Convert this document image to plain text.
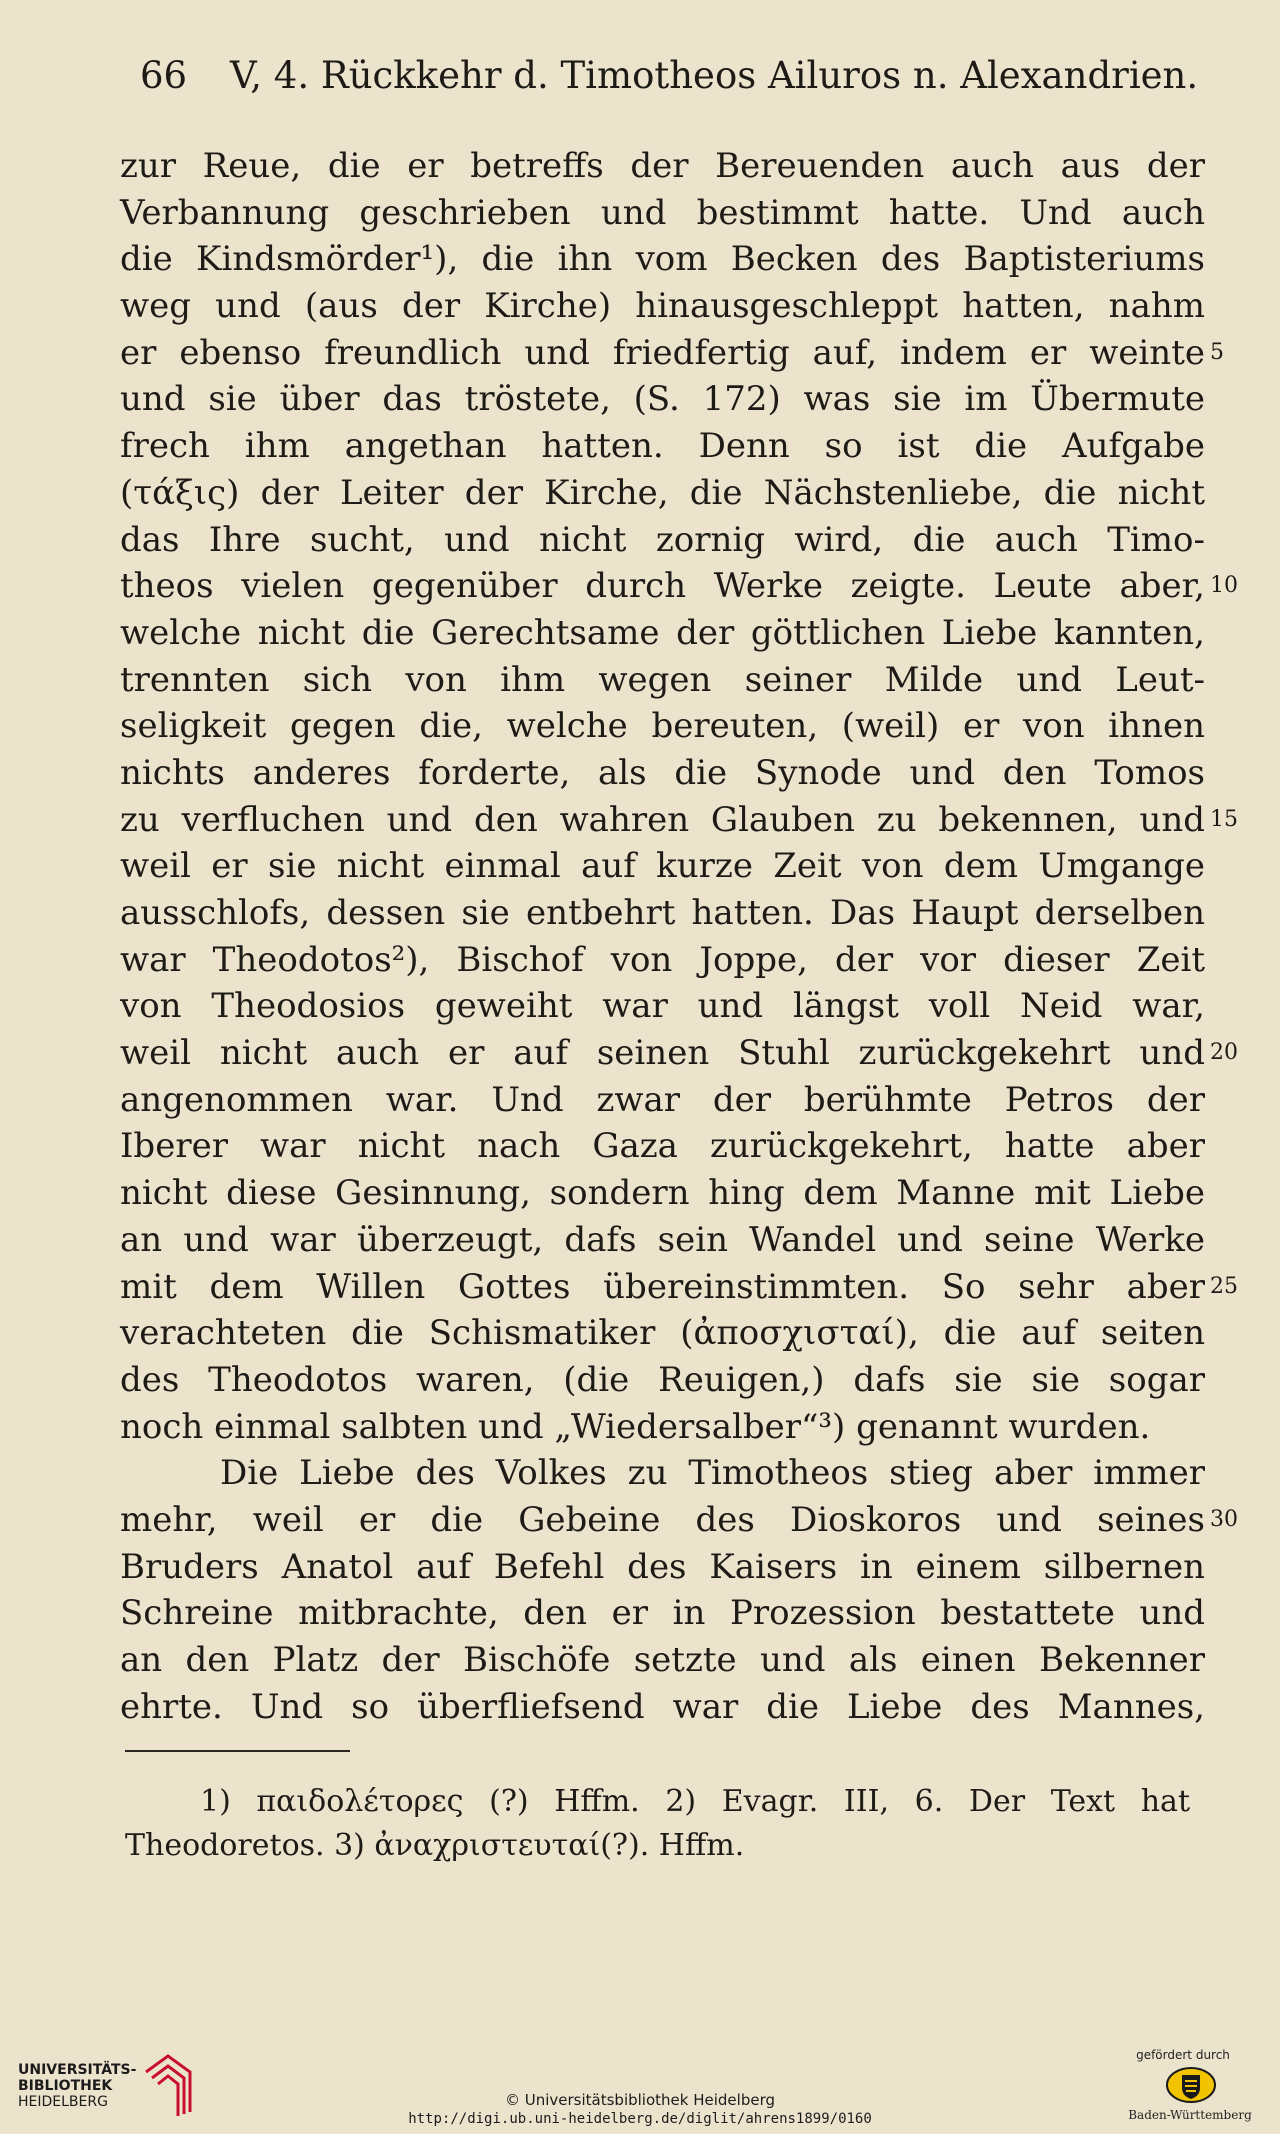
66 V, 4. Rückkehr d. Timotheos Ailuros n. Alexandrien.
zur Reue, die er betreffs der Bereuenden auch aus der
Verbannung geschrieben und bestimmt hatte. Und auch
die Kindsmörder¹), die ihn vom Becken des Baptisteriums
weg und (aus der Kirche) hinausgeschleppt hatten, nahm
er ebenso freundlich und friedfertig auf, indem er weinte 5
und sie über das tröstete, (S. 172) was sie im Übermute
frech ihm angethan hatten. Denn so ist die Aufgabe
(τάξις) der Leiter der Kirche, die Nächstenliebe, die nicht
das Ihre sucht, und nicht zornig wird, die auch Timo-
theos vielen gegenüber durch Werke zeigte. Leute aber, 10
welche nicht die Gerechtsame der göttlichen Liebe kannten,
trennten sich von ihm wegen seiner Milde und Leut-
seligkeit gegen die, welche bereuten, (weil) er von ihnen
nichts anderes forderte, als die Synode und den Tomos
zu verfluchen und den wahren Glauben zu bekennen, und 15
weil er sie nicht einmal auf kurze Zeit von dem Umgange
ausschlofs, dessen sie entbehrt hatten. Das Haupt derselben
war Theodotos²), Bischof von Joppe, der vor dieser Zeit
von Theodosios geweiht war und längst voll Neid war,
weil nicht auch er auf seinen Stuhl zurückgekehrt und 20
angenommen war. Und zwar der berühmte Petros der
Iberer war nicht nach Gaza zurückgekehrt, hatte aber
nicht diese Gesinnung, sondern hing dem Manne mit Liebe
an und war überzeugt, dafs sein Wandel und seine Werke
mit dem Willen Gottes übereinstimmten. So sehr aber 25
verachteten die Schismatiker (ἀποσχισταί), die auf seiten
des Theodotos waren, (die Reuigen,) dafs sie sie sogar
noch einmal salbten und „Wiedersalber“³) genannt wurden.
Die Liebe des Volkes zu Timotheos stieg aber immer
mehr, weil er die Gebeine des Dioskoros und seines 30
Bruders Anatol auf Befehl des Kaisers in einem silbernen
Schreine mitbrachte, den er in Prozession bestattete und
an den Platz der Bischöfe setzte und als einen Bekenner
ehrte. Und so überfliefsend war die Liebe des Mannes,
1) παιδολέτορες (?) Hffm. 2) Evagr. III, 6. Der Text hat
Theodoretos. 3) ἀναχριστευταί(?). Hffm.
UNIVERSITÄTS-
BIBLIOTHEK
HEIDELBERG	© Universitätsbibliothek Heidelberg
http://digi.ub.uni-heidelberg.de/diglit/ahrens1899/0160
gefördert durch
Baden-Württemberg
